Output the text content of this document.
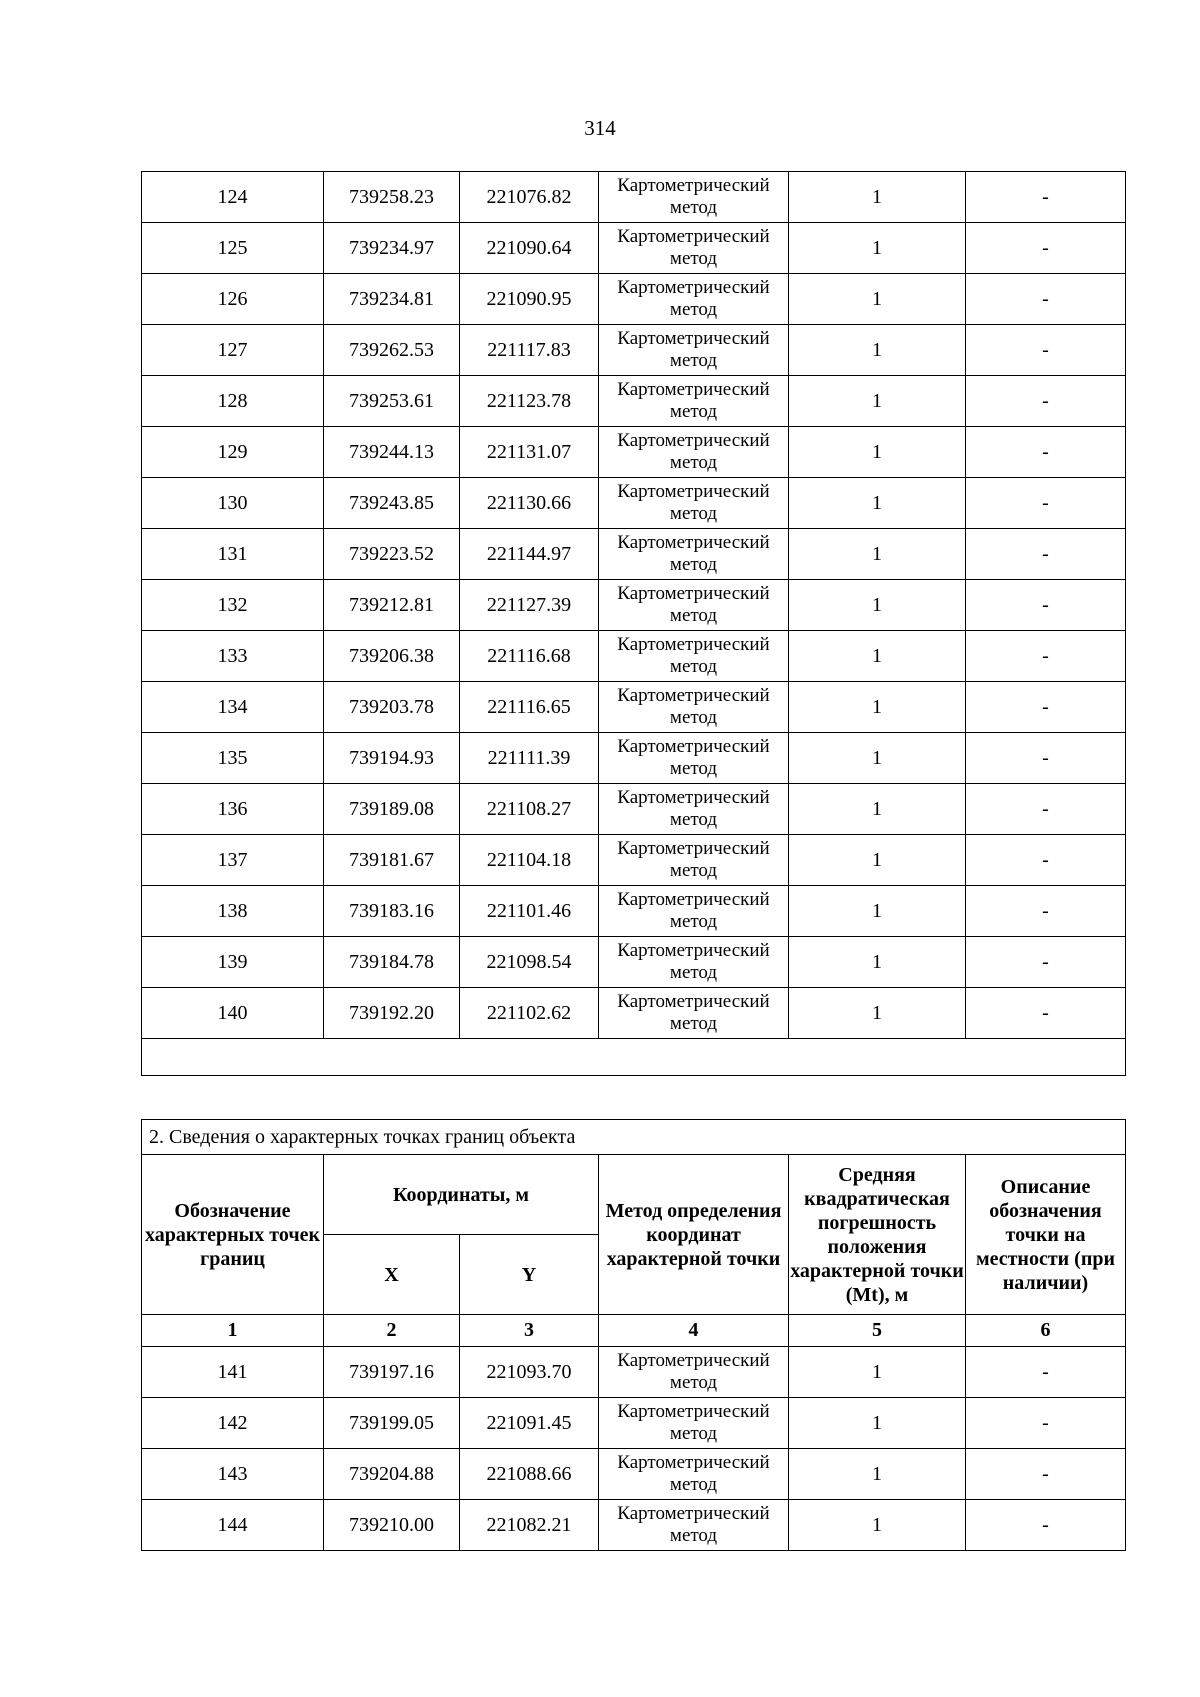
314
124	739258.23	221076.82	Картометрический
метод	1	-
125	739234.97	221090.64	Картометрический
метод	1	-
126	739234.81	221090.95	Картометрический
метод	1	-
127	739262.53	221117.83	Картометрический
метод	1	-
128	739253.61	221123.78	Картометрический
метод	1	-
129	739244.13	221131.07	Картометрический
метод	1	-
130	739243.85	221130.66	Картометрический
метод	1	-
131	739223.52	221144.97	Картометрический
метод	1	-
132	739212.81	221127.39	Картометрический
метод	1	-
133	739206.38	221116.68	Картометрический
метод	1	-
134	739203.78	221116.65	Картометрический
метод	1	-
135	739194.93	221111.39	Картометрический
метод	1	-
136	739189.08	221108.27	Картометрический
метод	1	-
137	739181.67	221104.18	Картометрический
метод	1	-
138	739183.16	221101.46	Картометрический
метод	1	-
139	739184.78	221098.54	Картометрический
метод	1	-
140	739192.20	221102.62	Картометрический
метод	1	-

2. Сведения о характерных точках границ объекта					
Обозначение характерных точек границ	Координаты, м		Метод определения координат характерной точки	Средняя квадратическая погрешность положения характерной точки (Mt), м	Описание обозначения точки на местности (при наличии)
	X	Y			
1	2	3	4	5	6
141	739197.16	221093.70	Картометрический
метод	1	-
142	739199.05	221091.45	Картометрический
метод	1	-
143	739204.88	221088.66	Картометрический
метод	1	-
144	739210.00	221082.21	Картометрический
метод	1	-
